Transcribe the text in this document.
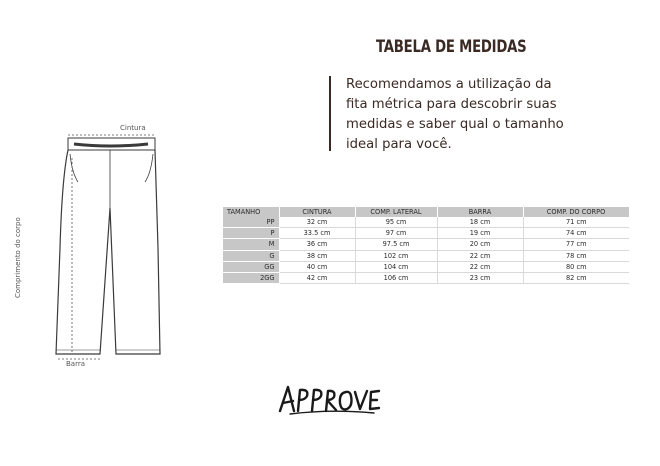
TABELA DE MEDIDAS
Recomendamos a utilização da
fita métrica para descobrir suas
medidas e saber qual o tamanho
ideal para você.
Cintura
Barra
Comprimento do corpo
TAMANHO	CINTURA	COMP. LATERAL	BARRA	COMP. DO CORPO
PP	32 cm	95 cm	18 cm	71 cm
P	33.5 cm	97 cm	19 cm	74 cm
M	36 cm	97.5 cm	20 cm	77 cm
G	38 cm	102 cm	22 cm	78 cm
GG	40 cm	104 cm	22 cm	80 cm
2GG	42 cm	106 cm	23 cm	82 cm
